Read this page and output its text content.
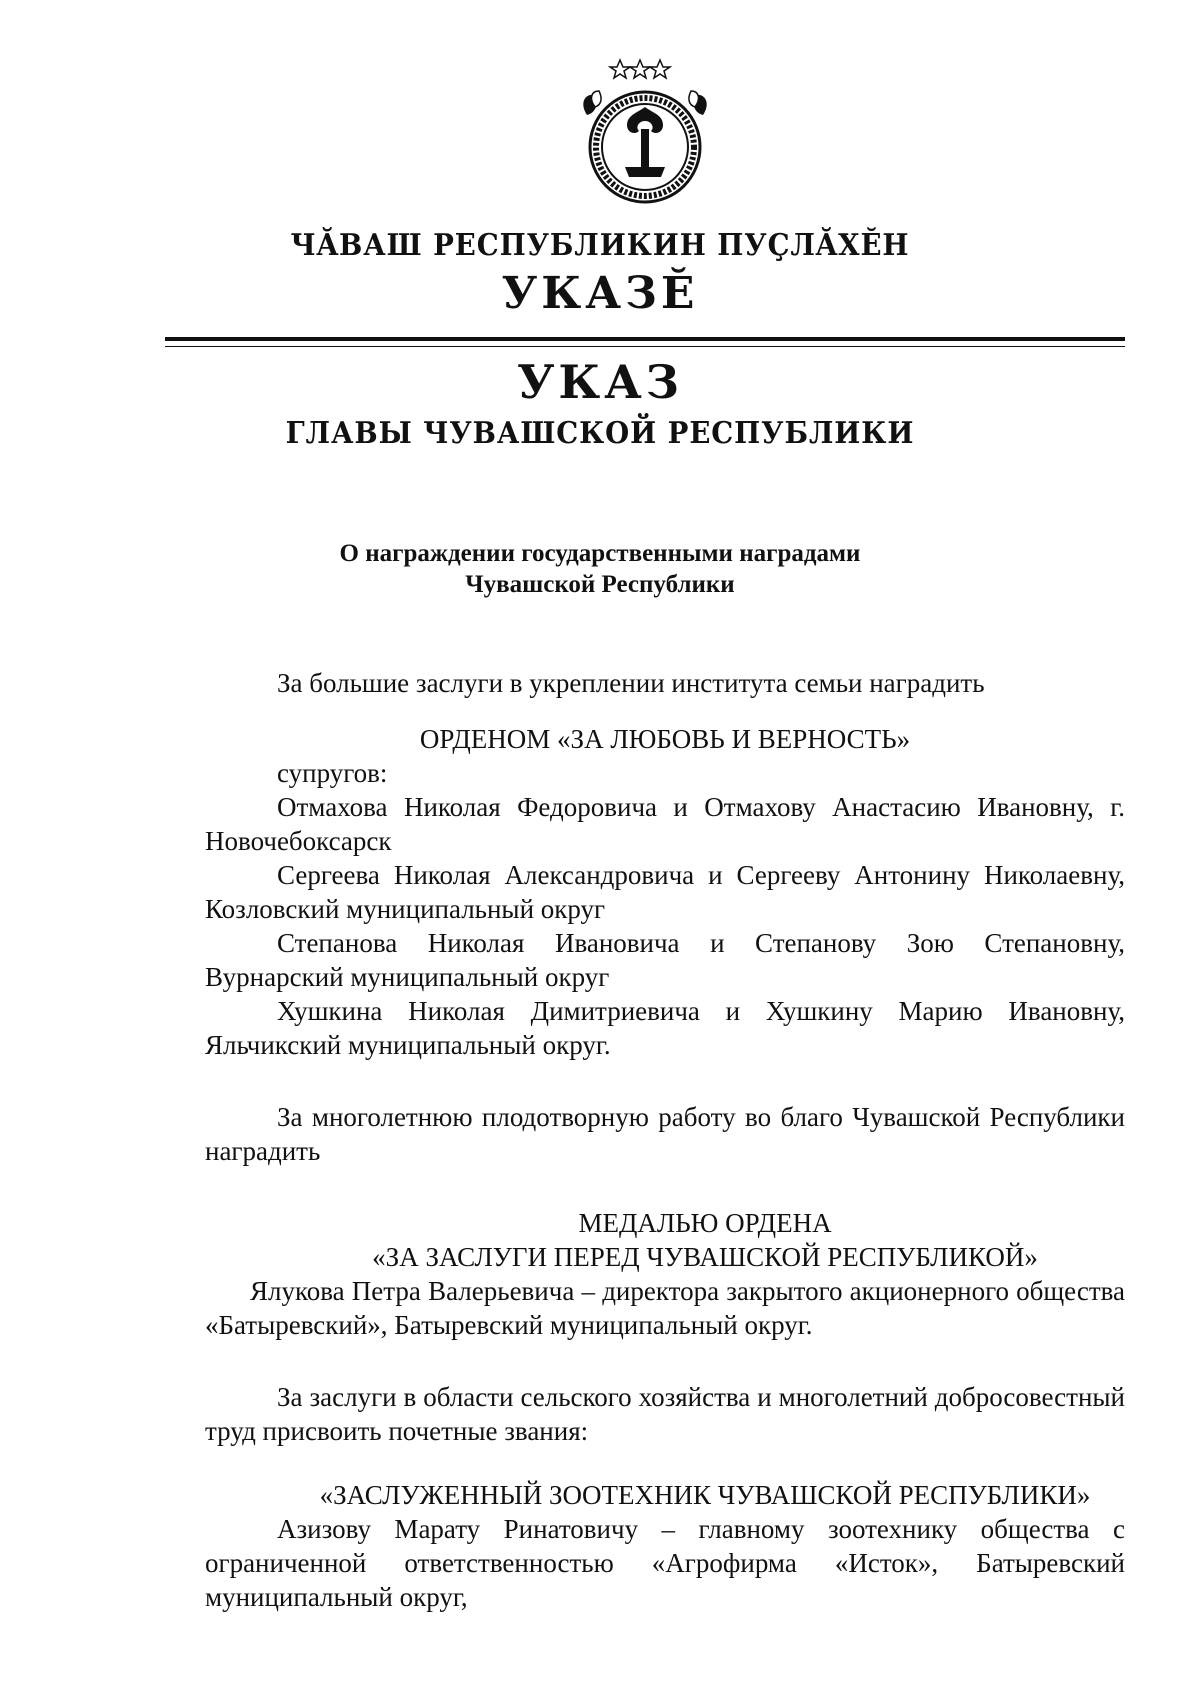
ЧĂВАШ РЕСПУБЛИКИН ПУÇЛĂХĔН
УКАЗĔ
УКАЗ
ГЛАВЫ ЧУВАШСКОЙ РЕСПУБЛИКИ
О награждении государственными наградами
Чувашской Республики

За большие заслуги в укреплении института семьи наградить

ОРДЕНОМ «ЗА ЛЮБОВЬ И ВЕРНОСТЬ»

супругов:

Отмахова Николая Федоровича и Отмахову Анастасию Ивановну, г. Новочебоксарск

Сергеева Николая Александровича и Сергееву Антонину Николаевну, Козловский муниципальный округ

Степанова Николая Ивановича и Степанову Зою Степановну, Вурнарский муниципальный округ

Хушкина Николая Димитриевича и Хушкину Марию Ивановну, Яльчикский муниципальный округ.

За многолетнюю плодотворную работу во благо Чувашской Республики наградить

МЕДАЛЬЮ ОРДЕНА

«ЗА ЗАСЛУГИ ПЕРЕД ЧУВАШСКОЙ РЕСПУБЛИКОЙ»

Ялукова Петра Валерьевича – директора закрытого акционерного общества «Батыревский», Батыревский муниципальный округ.

За заслуги в области сельского хозяйства и многолетний добросовестный труд присвоить почетные звания:

«ЗАСЛУЖЕННЫЙ ЗООТЕХНИК ЧУВАШСКОЙ РЕСПУБЛИКИ»

Азизову Марату Ринатовичу – главному зоотехнику общества с ограниченной ответственностью «Агрофирма «Исток», Батыревский муниципальный округ,
